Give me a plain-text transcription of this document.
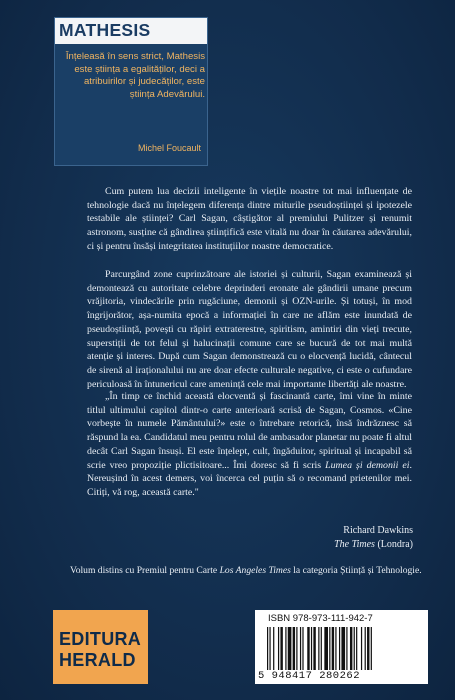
MATHESIS
Înțeleasă în sens strict, Mathesis este știința a egalităților, deci a atribuirilor și judecăților, este știința Adevărului.
Michel Foucault
Cum putem lua decizii inteligente în viețile noastre tot mai influențate de tehnologie dacă nu înțelegem diferența dintre miturile pseudoștiinței și ipotezele testabile ale științei? Carl Sagan, câștigător al premiului Pulitzer și renumit astronom, susține că gândirea științifică este vitală nu doar în căutarea adevărului, ci și pentru însăși integritatea instituțiilor noastre democratice.
Parcurgând zone cuprinzătoare ale istoriei și culturii, Sagan examinează și demontează cu autoritate celebre deprinderi eronate ale gândirii umane precum vrăjitoria, vindecările prin rugăciune, demonii și OZN-urile. Și totuși, în mod îngrijorător, așa-numita epocă a informației în care ne aflăm este inundată de pseudoștiință, povești cu răpiri extraterestre, spiritism, amintiri din vieți trecute, superstiții de tot felul și halucinații comune care se bucură de tot mai multă atenție și interes. După cum Sagan demonstrează cu o elocvență lucidă, cântecul de sirenă al iraționalului nu are doar efecte culturale negative, ci este o cufundare periculoasă în întunericul care amenință cele mai importante libertăți ale noastre.
„În timp ce închid această elocventă și fascinantă carte, îmi vine în minte titlul ultimului capitol dintr-o carte anterioară scrisă de Sagan, Cosmos. «Cine vorbește în numele Pământului?» este o întrebare retorică, însă îndrăznesc să răspund la ea. Candidatul meu pentru rolul de ambasador planetar nu poate fi altul decât Carl Sagan însuși. El este înțelept, cult, îngăduitor, spiritual și incapabil să scrie vreo propoziție plictisitoare... Îmi doresc să fi scris Lumea și demonii ei. Nereușind în acest demers, voi încerca cel puțin să o recomand prietenilor mei. Citiți, vă rog, această carte."
Richard Dawkins
The Times (Londra)
Volum distins cu Premiul pentru Carte Los Angeles Times la categoria Știință și Tehnologie.
EDITURA
HERALD
ISBN 978-973-111-942-7
5 948417 280262
